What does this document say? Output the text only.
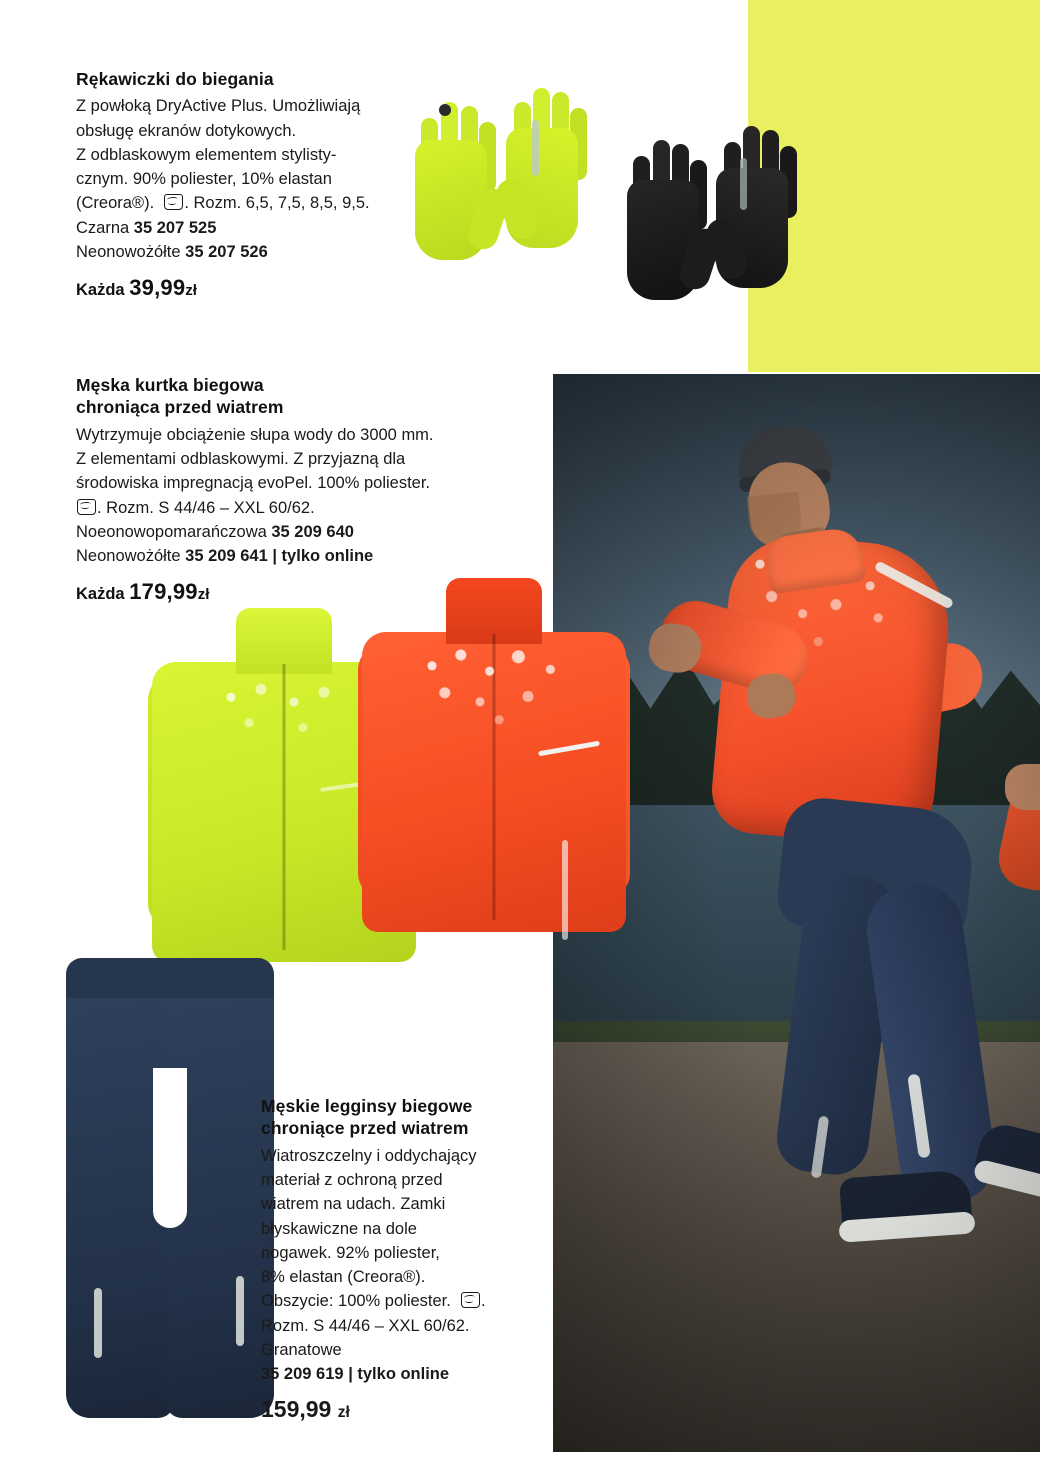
Rękawiczki do biegania

Z powłoką DryActive Plus. Umożliwiają
obsługę ekranów dotykowych.
Z odblaskowym elementem stylisty-
cznym. 90% poliester, 10% elastan
(Creora®).  . Rozm. 6,5, 7,5, 8,5, 9,5.
Czarna 35 207 525
Neonowożółte 35 207 526

Każda 39,99zł
Męska kurtka biegowa
chroniąca przed wiatrem

Wytrzymuje obciążenie słupa wody do 3000 mm.
Z elementami odblaskowymi. Z przyjazną dla
środowiska impregnacją evoPel. 100% poliester.
. Rozm. S 44/46 – XXL 60/62.
Noeonowopomarańczowa 35 209 640
Neonowożółte 35 209 641 | tylko online

Każda 179,99zł
Męskie legginsy biegowe
chroniące przed wiatrem

Wiatroszczelny i oddychający
materiał z ochroną przed
wiatrem na udach. Zamki
błyskawiczne na dole
nogawek. 92% poliester,
8% elastan (Creora®).
Obszycie: 100% poliester.  .
Rozm. S 44/46 – XXL 60/62.
Granatowe
35 209 619 | tylko online

159,99 zł
